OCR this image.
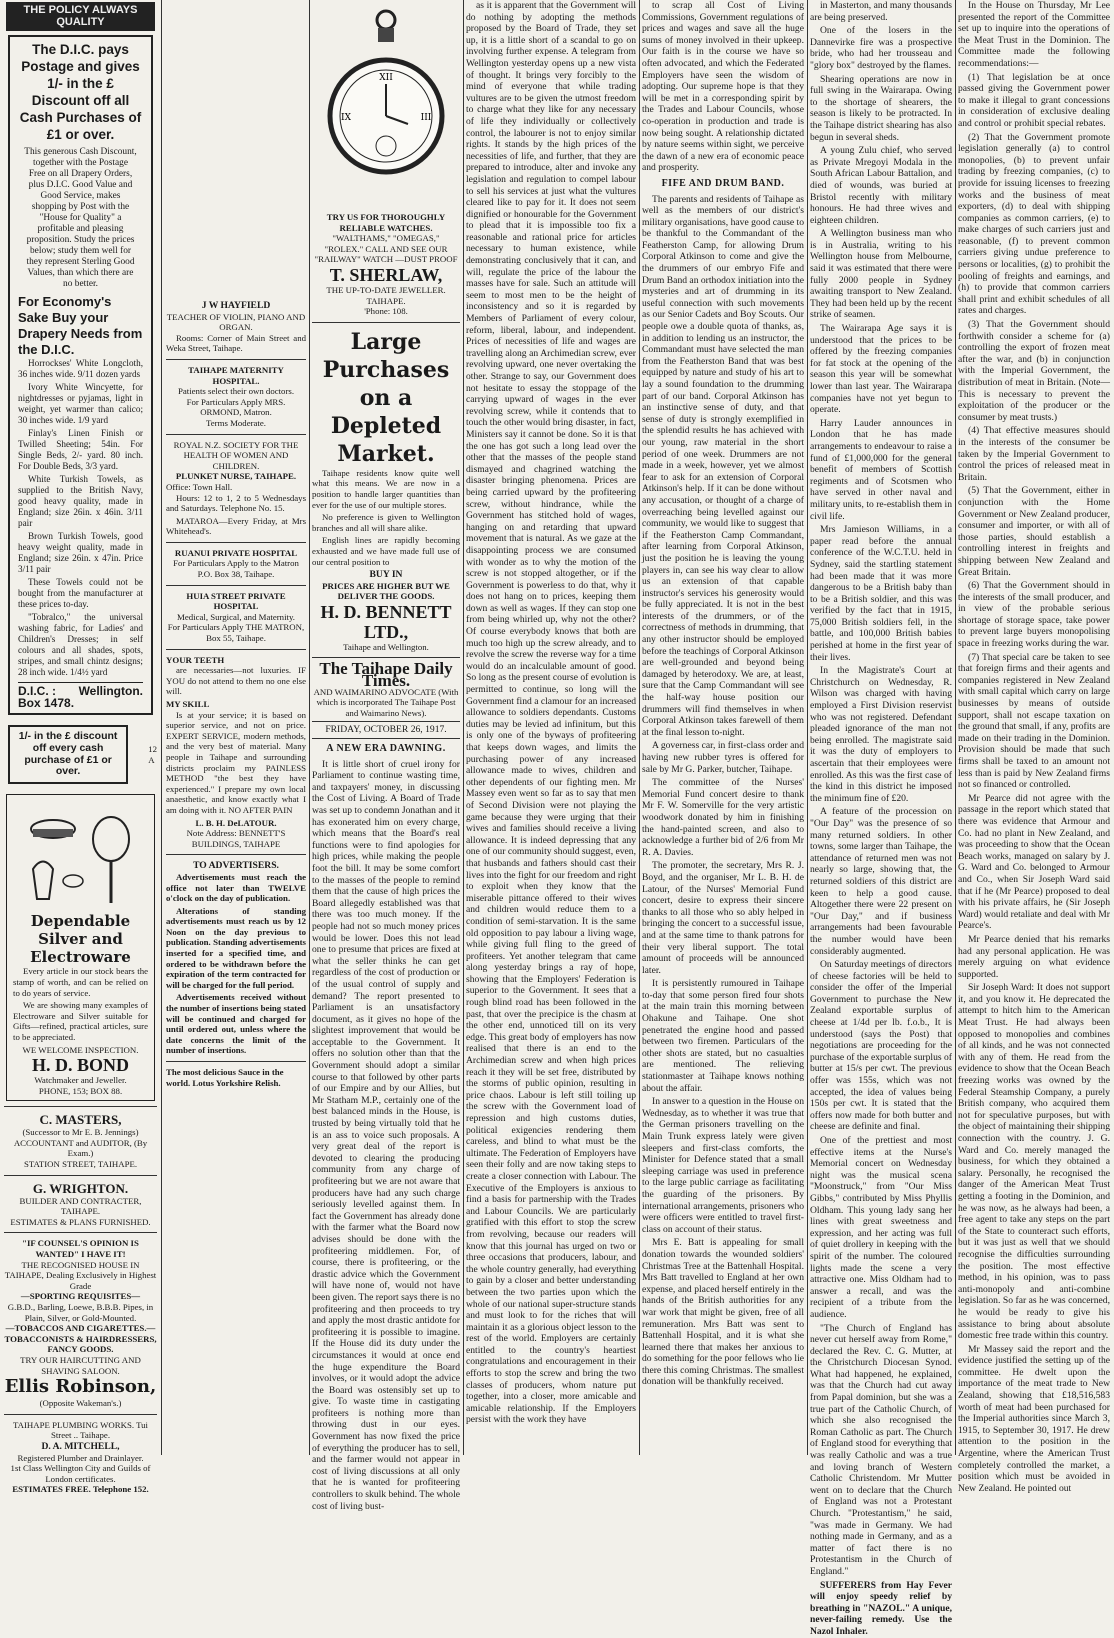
THE POLICY ALWAYS QUALITY
The D.I.C. pays Postage and gives 1/- in the £ Discount off all Cash Purchases of £1 or over.
This generous Cash Discount, together with the Postage Free on all Drapery Orders, plus D.I.C. Good Value and Good Service, makes shopping by Post with the "House for Quality" a profitable and pleasing proposition. Study the prices below; study them well for they represent Sterling Good Values, than which there are no better.
For Economy's Sake Buy your Drapery Needs from the D.I.C.

Horrockses' White Longcloth, 36 inches wide. 9/11 dozen yards

Ivory White Wincyette, for nightdresses or pyjamas, light in weight, yet warmer than calico; 30 inches wide. 1/9 yard

Finlay's Linen Finish or Twilled Sheeting; 54in. For Single Beds, 2/- yard. 80 inch. For Double Beds, 3/3 yard.

White Turkish Towels, as supplied to the British Navy, good heavy quality, made in England; size 26in. x 46in. 3/11 pair

Brown Turkish Towels, good heavy weight quality, made in England; size 26in. x 47in. Price 3/11 pair

These Towels could not be bought from the manufacturer at these prices to-day.

"Tobralco," the universal washing fabric, for Ladies' and Children's Dresses; in self colours and all shades, spots, stripes, and small chintz designs; 28 inch wide. 1/4½ yard

D.I.C. : Box 1478.
Wellington.
1/- in the £ discount off every cash purchase of £1 or over.
12 A
Dependable Silver and Electroware

Every article in our stock bears the stamp of worth, and can be relied on to do years of service.

We are showing many examples of Electroware and Silver suitable for Gifts—refined, practical articles, sure to be appreciated.

WE WELCOME INSPECTION.
H. D. BOND
Watchmaker and Jeweller.
PHONE, 153; BOX 88.
C. MASTERS,
(Successor to Mr E. B. Jennings)
ACCOUNTANT and AUDITOR, (By Exam.)
STATION STREET, TAIHAPE.
G. WRIGHTON.
BUILDER AND CONTRACTER, TAIHAPE.
ESTIMATES & PLANS FURNISHED.
"IF COUNSEL'S OPINION IS WANTED" I HAVE IT!
THE RECOGNISED HOUSE IN TAIHAPE, Dealing Exclusively in Highest Grade
—SPORTING REQUISITES—
G.B.D., Barling, Loewe, B.B.B. Pipes, in Plain, Silver, or Gold-Mounted.
—TOBACCOS AND CIGARETTES.—
TOBACCONISTS & HAIRDRESSERS, FANCY GOODS.
TRY OUR HAIRCUTTING AND SHAVING SALOON.
Ellis Robinson,
(Opposite Wakeman's.)
TAIHAPE PLUMBING WORKS. Tui Street .. Taihape.
D. A. MITCHELL,
Registered Plumber and Drainlayer.
1st Class Wellington City and Guilds of London certificates.
ESTIMATES FREE. Telephone 152.
J W HAYFIELD
TEACHER OF VIOLIN, PIANO AND ORGAN.

Rooms: Corner of Main Street and Weka Street, Taihape.

TAIHAPE MATERNITY HOSPITAL.
Patients select their own doctors.
For Particulars Apply MRS. ORMOND, Matron.
Terms Moderate.
ROYAL N.Z. SOCIETY FOR THE HEALTH OF WOMEN AND CHILDREN.
PLUNKET NURSE, TAIHAPE.
Office: Town Hall.

Hours: 12 to 1, 2 to 5 Wednesdays and Saturdays. Telephone No. 15.

MATAROA—Every Friday, at Mrs Whitehead's.

RUANUI PRIVATE HOSPITAL
For Particulars Apply to the Matron P.O. Box 38, Taihape.
HUIA STREET PRIVATE HOSPITAL
Medical, Surgical, and Maternity.
For Particulars Apply THE MATRON, Box 55, Taihape.
YOUR TEETH

are necessaries—not luxuries. IF YOU do not attend to them no one else will.

MY SKILL

Is at your service; it is based on superior service, and not on price. EXPERT SERVICE, modern methods, and the very best of material. Many people in Taihape and surrounding districts proclaim my PAINLESS METHOD "the best they have experienced." I prepare my own local anaesthetic, and know exactly what I am doing with it. NO AFTER PAIN

L. B. H. DeLATOUR.
Note Address: BENNETT'S BUILDINGS, TAIHAPE
TO ADVERTISERS.

Advertisements must reach the office not later than TWELVE o'clock on the day of publication.

Alterations of standing advertisements must reach us by 12 Noon on the day previous to publication. Standing advertisements inserted for a specified time, and ordered to be withdrawn before the expiration of the term contracted for will be charged for the full period.

Advertisements received without the number of insertions being stated will be continued and charged for until ordered out, unless where the date concerns the limit of the number of insertions.

The most delicious Sauce in the world. Lotus Yorkshire Relish.
XII
III
IX
TRY US FOR THOROUGHLY RELIABLE WATCHES.
"WALTHAMS," "OMEGAS," "ROLEX." CALL AND SEE OUR "RAILWAY" WATCH —DUST PROOF
T. SHERLAW,
THE UP-TO-DATE JEWELLER. TAIHAPE.
'Phone: 108.
Large Purchases on a Depleted Market.

Taihape residents know quite well what this means. We are now in a position to handle larger quantities than ever for the use of our multiple stores.

No preference is given to Wellington branches and all will share alike.

English lines are rapidly becoming exhausted and we have made full use of our central position to

BUY IN
PRICES ARE HIGHER BUT WE DELIVER THE GOODS.
H. D. BENNETT LTD.,
Taihape and Wellington.
The Taihape Daily Times.
AND WAIMARINO ADVOCATE (With which is incorporated The Taihape Post and Waimarino News).
FRIDAY, OCTOBER 26, 1917.
A NEW ERA DAWNING.

It is little short of cruel irony for Parliament to continue wasting time, and taxpayers' money, in discussing the Cost of Living. A Board of Trade was set up to condemn Jonathan and it has exonerated him on every charge, which means that the Board's real functions were to find apologies for high prices, while making the people foot the bill. It may be some comfort to the masses of the people to remind them that the cause of high prices the Board allegedly established was that there was too much money. If the people had not so much money prices would be lower. Does this not lead one to presume that prices are fixed at what the seller thinks he can get regardless of the cost of production or of the usual control of supply and demand? The report presented to Parliament is an unsatisfactory document, as it gives no hope of the slightest improvement that would be acceptable to the Government. It offers no solution other than that the Government should adopt a similar course to that followed by other parts of our Empire and by our Allies, but Mr Statham M.P., certainly one of the best balanced minds in the House, is trusted by being virtually told that he is an ass to voice such proposals. A very great deal of the report is devoted to clearing the producing community from any charge of profiteering but we are not aware that producers have had any such charge seriously levelled against them. In fact the Government has already done with the farmer what the Board now advises should be done with the profiteering middlemen. For, of course, there is profiteering, or the drastic advice which the Government will have none of, would not have been given. The report says there is no profiteering and then proceeds to try and apply the most drastic antidote for profiteering it is possible to imagine. If the House did its duty under the circumstances it would at once end the huge expenditure the Board involves, or it would adopt the advice the Board was ostensibly set up to give. To waste time in castigating profiteers is nothing more than throwing dust in our eyes. Government has now fixed the price of everything the producer has to sell, and the farmer would not appear in cost of living discussions at all only that he is wanted for profiteering controllers to skulk behind. The whole cost of living bust-

as it is apparent that the Government will do nothing by adopting the methods proposed by the Board of Trade, they set up, it is a little short of a scandal to go on involving further expense. A telegram from Wellington yesterday opens up a new vista of thought. It brings very forcibly to the mind of everyone that while trading vultures are to be given the utmost freedom to charge what they like for any necessary of life they individually or collectively control, the labourer is not to enjoy similar rights. It stands by the high prices of the necessities of life, and further, that they are prepared to introduce, alter and invoke any legislation and regulation to compel labour to sell his services at just what the vultures cleared like to pay for it. It does not seem dignified or honourable for the Government to plead that it is impossible too fix a reasonable and rational price for articles necessary to human existence, while demonstrating conclusively that it can, and will, regulate the price of the labour the masses have for sale. Such an attitude will seem to most men to be the height of inconsistency and so it is regarded by Members of Parliament of every colour, reform, liberal, labour, and independent. Prices of necessities of life and wages are travelling along an Archimedian screw, ever revolving upward, one never overtaking the other. Strange to say, our Government does not hesitate to essay the stoppage of the carrying upward of wages in the ever revolving screw, while it contends that to touch the other would bring disaster, in fact, Ministers say it cannot be done. So it is that the one has got such a long lead over the other that the masses of the people stand dismayed and chagrined watching the disaster bringing phenomena. Prices are being carried upward by the profiteering screw, without hindrance, while the Government has stitched hold of wages, hanging on and retarding that upward movement that is natural. As we gaze at the disappointing process we are consumed with wonder as to why the motion of the screw is not stopped altogether, or if the Government is powerless to do that, why it does not hang on to prices, keeping them down as well as wages. If they can stop one from being whirled up, why not the other? Of course everybody knows that both are much too high up the screw already, and to revolve the screw the reverse way for a time would do an incalculable amount of good. So long as the present course of evolution is permitted to continue, so long will the Government find a clamour for an increased allowance to soldiers dependants. Customs duties may be levied ad infinitum, but this is only one of the byways of profiteering that keeps down wages, and limits the purchasing power of any increased allowance made to wives, children and other dependents of our fighting men. Mr Massey even went so far as to say that men of Second Division were not playing the game because they were urging that their wives and families should receive a living allowance. It is indeed depressing that any one of our community should suggest, even, that husbands and fathers should cast their lives into the fight for our freedom and right to exploit when they know that the miserable pittance offered to their wives and children would reduce them to a condition of semi-starvation. It is the same old opposition to pay labour a living wage, while giving full fling to the greed of profiteers. Yet another telegram that came along yesterday brings a ray of hope, showing that the Employers' Federation is superior to the Government. It sees that a rough blind road has been followed in the past, that over the precipice is the chasm at the other end, unnoticed till on its very edge. This great body of employers has now realised that there is an end to the Archimedian screw and when high prices reach it they will be set free, distributed by the storms of public opinion, resulting in price chaos. Labour is left still toiling up the screw with the Government load of repression and high customs duties, political exigencies rendering them careless, and blind to what must be the ultimate. The Federation of Employers have seen their folly and are now taking steps to create a closer connection with Labour. The Executive of the Employers is anxious to find a basis for partnership with the Trades and Labour Councils. We are particularly gratified with this effort to stop the screw from revolving, because our readers will know that this journal has urged on two or three occasions that producers, labour, and the whole country generally, had everything to gain by a closer and better understanding between the two parties upon which the whole of our national super-structure stands and must look to for the riches that will maintain it as a glorious object lesson to the rest of the world. Employers are certainly entitled to the country's heartiest congratulations and encouragement in their efforts to stop the screw and bring the two classes of producers, whom nature put together, into a closer, more amicable and amicable relationship. If the Employers persist with the work they have

to scrap all Cost of Living Commissions, Government regulations of prices and wages and save all the huge sums of money involved in their upkeep. Our faith is in the course we have so often advocated, and which the Federated Employers have seen the wisdom of adopting. Our supreme hope is that they will be met in a corresponding spirit by the Trades and Labour Councils, whose co-operation in production and trade is now being sought. A relationship dictated by nature seems within sight, we perceive the dawn of a new era of economic peace and prosperity.

FIFE AND DRUM BAND.

The parents and residents of Taihape as well as the members of our district's military organisations, have good cause to be thankful to the Commandant of the Featherston Camp, for allowing Drum Corporal Atkinson to come and give the the drummers of our embryo Fife and Drum Band an orthodox initiation into the mysteries and art of drumming in its useful connection with such movements as our Senior Cadets and Boy Scouts. Our people owe a double quota of thanks, as, in addition to lending us an instructor, the Commandant must have selected the man from the Featherston Band that was best equipped by nature and study of his art to lay a sound foundation to the drumming part of our band. Corporal Atkinson has an instinctive sense of duty, and that sense of duty is strongly exemplified in the splendid results he has achieved with our young, raw material in the short period of one week. Drummers are not made in a week, however, yet we almost fear to ask for an extension of Corporal Atkinson's help. If it can be done without any accusation, or thought of a charge of overreaching being levelled against our community, we would like to suggest that if the Featherston Camp Commandant, after learning from Corporal Atkinson, just the position he is leaving the young players in, can see his way clear to allow us an extension of that capable instructor's services his generosity would be fully appreciated. It is not in the best interests of the drummers, or of the correctness of methods in drumming, that any other instructor should be employed before the teachings of Corporal Atkinson are well-grounded and beyond being damaged by heterodoxy. We are, at least, sure that the Camp Commandant will see the half-way house position our drummers will find themselves in when Corporal Atkinson takes farewell of them at the final lesson to-night.

A governess car, in first-class order and having new rubber tyres is offered for sale by Mr G. Parker, butcher, Taihape.

The committee of the Nurses' Memorial Fund concert desire to thank Mr F. W. Somerville for the very artistic woodwork donated by him in finishing the hand-painted screen, and also to acknowledge a further bid of 2/6 from Mr R. A. Davies.

The promoter, the secretary, Mrs R. J. Boyd, and the organiser, Mr L. B. H. de Latour, of the Nurses' Memorial Fund concert, desire to express their sincere thanks to all those who so ably helped in bringing the concert to a successful issue, and at the same time to thank patrons for their very liberal support. The total amount of proceeds will be announced later.

It is persistently rumoured in Taihape to-day that some person fired four shots at the main train this morning between Ohakune and Taihape. One shot penetrated the engine hood and passed between two firemen. Particulars of the other shots are stated, but no casualties are mentioned. The relieving stationmaster at Taihape knows nothing about the affair.

In answer to a question in the House on Wednesday, as to whether it was true that the German prisoners travelling on the Main Trunk express lately were given sleepers and first-class comforts, the Minister for Defence stated that a small sleeping carriage was used in preference to the large public carriage as facilitating the guarding of the prisoners. By international arrangements, prisoners who were officers were entitled to travel first-class on account of their status.

Mrs E. Batt is appealing for small donation towards the wounded soldiers' Christmas Tree at the Battenhall Hospital. Mrs Batt travelled to England at her own expense, and placed herself entirely in the hands of the British authorities for any war work that might be given, free of all remuneration. Mrs Batt was sent to Battenhall Hospital, and it is what she learned there that makes her anxious to do something for the poor fellows who lie there this coming Christmas. The smallest donation will be thankfully received.

in Masterton, and many thousands are being preserved.

One of the losers in the Dannevirke fire was a prospective bride, who had her trousseau and "glory box" destroyed by the flames.

Shearing operations are now in full swing in the Wairarapa. Owing to the shortage of shearers, the season is likely to be protracted. In the Taihape district shearing has also begun in several sheds.

A young Zulu chief, who served as Private Mregoyi Modala in the South African Labour Battalion, and died of wounds, was buried at Bristol recently with military honours. He had three wives and eighteen children.

A Wellington business man who is in Australia, writing to his Wellington house from Melbourne, said it was estimated that there were fully 2000 people in Sydney awaiting transport to New Zealand. They had been held up by the recent strike of seamen.

The Wairarapa Age says it is understood that the prices to be offered by the freezing companies for fat stock at the opening of the season this year will be somewhat lower than last year. The Wairarapa companies have not yet begun to operate.

Harry Lauder announces in London that he has made arrangements to endeavour to raise a fund of £1,000,000 for the general benefit of members of Scottish regiments and of Scotsmen who have served in other naval and military units, to re-establish them in civil life.

Mrs Jamieson Williams, in a paper read before the annual conference of the W.C.T.U. held in Sydney, said the startling statement had been made that it was more dangerous to be a British baby than to be a British soldier, and this was verified by the fact that in 1915, 75,000 British soldiers fell, in the battle, and 100,000 British babies perished at home in the first year of their lives.

In the Magistrate's Court at Christchurch on Wednesday, R. Wilson was charged with having employed a First Division reservist who was not registered. Defendant pleaded ignorance of the man not being enrolled. The magistrate said it was the duty of employers to ascertain that their employees were enrolled. As this was the first case of the kind in this district he imposed the minimum fine of £20.

A feature of the procession on "Our Day" was the presence of so many returned soldiers. In other towns, some larger than Taihape, the attendance of returned men was not nearly so large, showing that, the returned soldiers of this district are keen to help a good cause. Altogether there were 22 present on "Our Day," and if business arrangements had been favourable the number would have been considerably augmented.

On Saturday meetings of directors of cheese factories will be held to consider the offer of the Imperial Government to purchase the New Zealand exportable surplus of cheese at 1/4d per lb. f.o.b., It is understood (says the Post) that negotiations are proceeding for the purchase of the exportable surplus of butter at 15/s per cwt. The previous offer was 155s, which was not accepted, the idea of values being 150s per cwt. It is stated that the offers now made for both butter and cheese are definite and final.

One of the prettiest and most effective items at the Nurse's Memorial concert on Wednesday night was the musical scena "Moonstruck," from "Our Miss Gibbs," contributed by Miss Phyllis Oldham. This young lady sang her lines with great sweetness and expression, and her acting was full of quiet drollery in keeping with the spirit of the number. The coloured lights made the scene a very attractive one. Miss Oldham had to answer a recall, and was the recipient of a tribute from the audience.

"The Church of England has never cut herself away from Rome," declared the Rev. C. G. Mutter, at the Christchurch Diocesan Synod. What had happened, he explained, was that the Church had cut away from Papal dominion, but she was a true part of the Catholic Church, of which she also recognised the Roman Catholic as part. The Church of England stood for everything that was really Catholic and was a true and loving branch of Western Catholic Christendom. Mr Mutter went on to declare that the Church of England was not a Protestant Church. "Protestantism," he said, "was made in Germany. We had nothing made in Germany, and as a matter of fact there is no Protestantism in the Church of England."

SUFFERERS from Hay Fever will enjoy speedy relief by breathing in "NAZOL." A unique, never-failing remedy. Use the Nazol Inhaler.

In the House on Thursday, Mr Lee presented the report of the Committee set up to inquire into the operations of the Meat Trust in the Dominion. The Committee made the following recommendations:—

(1) That legislation be at once passed giving the Government power to make it illegal to grant concessions in consideration of exclusive dealing and control or prohibit special rebates.

(2) That the Government promote legislation generally (a) to control monopolies, (b) to prevent unfair trading by freezing companies, (c) to provide for issuing licenses to freezing works and the business of meat exporters, (d) to deal with shipping companies as common carriers, (e) to make charges of such carriers just and reasonable, (f) to prevent common carriers giving undue preference to persons or localities, (g) to prohibit the pooling of freights and earnings, and (h) to provide that common carriers shall print and exhibit schedules of all rates and charges.

(3) That the Government should forthwith consider a scheme for (a) controlling the export of frozen meat after the war, and (b) in conjunction with the Imperial Government, the distribution of meat in Britain. (Note—This is necessary to prevent the exploitation of the producer or the consumer by meat trusts.)

(4) That effective measures should in the interests of the consumer be taken by the Imperial Government to control the prices of released meat in Britain.

(5) That the Government, either in conjunction with the Home Government or New Zealand producer, consumer and importer, or with all of those parties, should establish a controlling interest in freights and shipping between New Zealand and Great Britain.

(6) That the Government should in the interests of the small producer, and in view of the probable serious shortage of storage space, take power to prevent large buyers monopolising space in freezing works during the war.

(7) That special care be taken to see that foreign firms and their agents and companies registered in New Zealand with small capital which carry on large businesses by means of outside support, shall not escape taxation on the ground that small, if any, profits are made on their trading in the Dominion. Provision should be made that such firms shall be taxed to an amount not less than is paid by New Zealand firms not so financed or controlled.

Mr Pearce did not agree with the passage in the report which stated that there was evidence that Armour and Co. had no plant in New Zealand, and was proceeding to show that the Ocean Beach works, managed on salary by J. G. Ward and Co. belonged to Armour and Co., when Sir Joseph Ward said that if he (Mr Pearce) proposed to deal with his private affairs, he (Sir Joseph Ward) would retaliate and deal with Mr Pearce's.

Mr Pearce denied that his remarks had any personal application. He was merely arguing on what evidence supported.

Sir Joseph Ward: It does not support it, and you know it. He deprecated the attempt to hitch him to the American Meat Trust. He had always been opposed to monopolies and combines of all kinds, and he was not connected with any of them. He read from the evidence to show that the Ocean Beach freezing works was owned by the Federal Steamship Company, a purely British company, who acquired them not for speculative purposes, but with the object of maintaining their shipping connection with the country. J. G. Ward and Co. merely managed the business, for which they obtained a salary. Personally, he recognised the danger of the American Meat Trust getting a footing in the Dominion, and he was now, as he always had been, a free agent to take any steps on the part of the State to counteract such efforts, but it was just as well that we should recognise the difficulties surrounding the position. The most effective method, in his opinion, was to pass anti-monopoly and anti-combine legislation. So far as he was concerned, he would be ready to give his assistance to bring about absolute domestic free trade within this country.

Mr Massey said the report and the evidence justified the setting up of the committee. He dwelt upon the importance of the meat trade to New Zealand, showing that £18,516,583 worth of meat had been purchased for the Imperial authorities since March 3, 1915, to September 30, 1917. He drew attention to the position in the Argentine, where the American Trust completely controlled the market, a position which must be avoided in New Zealand. He pointed out
